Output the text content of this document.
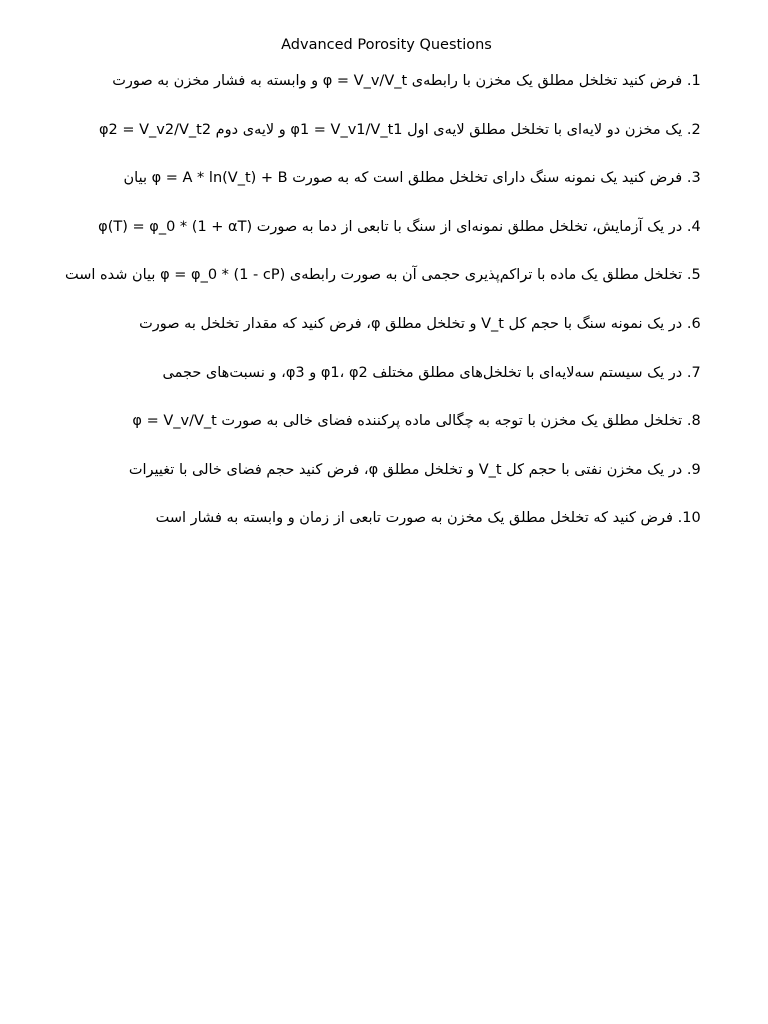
Advanced Porosity Questions
1. فرض کنید تخلخل مطلق یک مخزن با رابطه‌ی φ = V_v/V_t و وابسته به فشار مخزن به صورت
2. یک مخزن دو لایه‌ای با تخلخل مطلق لایه‌ی اول φ1 = V_v1/V_t1 و لایه‌ی دوم φ2 = V_v2/V_t2
3. فرض کنید یک نمونه سنگ دارای تخلخل مطلق است که به صورت φ = A * ln(V_t) + B بیان
4. در یک آزمایش، تخلخل مطلق نمونه‌ای از سنگ با تابعی از دما به صورت φ(T) = φ_0 * (1 + αT)
5. تخلخل مطلق یک ماده با تراکم‌پذیری حجمی آن به صورت رابطه‌ی φ = φ_0 * (1 - cP) بیان شده است
6. در یک نمونه سنگ با حجم کل V_t و تخلخل مطلق φ، فرض کنید که مقدار تخلخل به صورت
7. در یک سیستم سه‌لایه‌ای با تخلخل‌های مطلق مختلف φ1، φ2 و φ3، و نسبت‌های حجمی
8. تخلخل مطلق یک مخزن با توجه به چگالی ماده پرکننده فضای خالی به صورت φ = V_v/V_t
9. در یک مخزن نفتی با حجم کل V_t و تخلخل مطلق φ، فرض کنید حجم فضای خالی با تغییرات
10. فرض کنید که تخلخل مطلق یک مخزن به صورت تابعی از زمان و وابسته به فشار است
